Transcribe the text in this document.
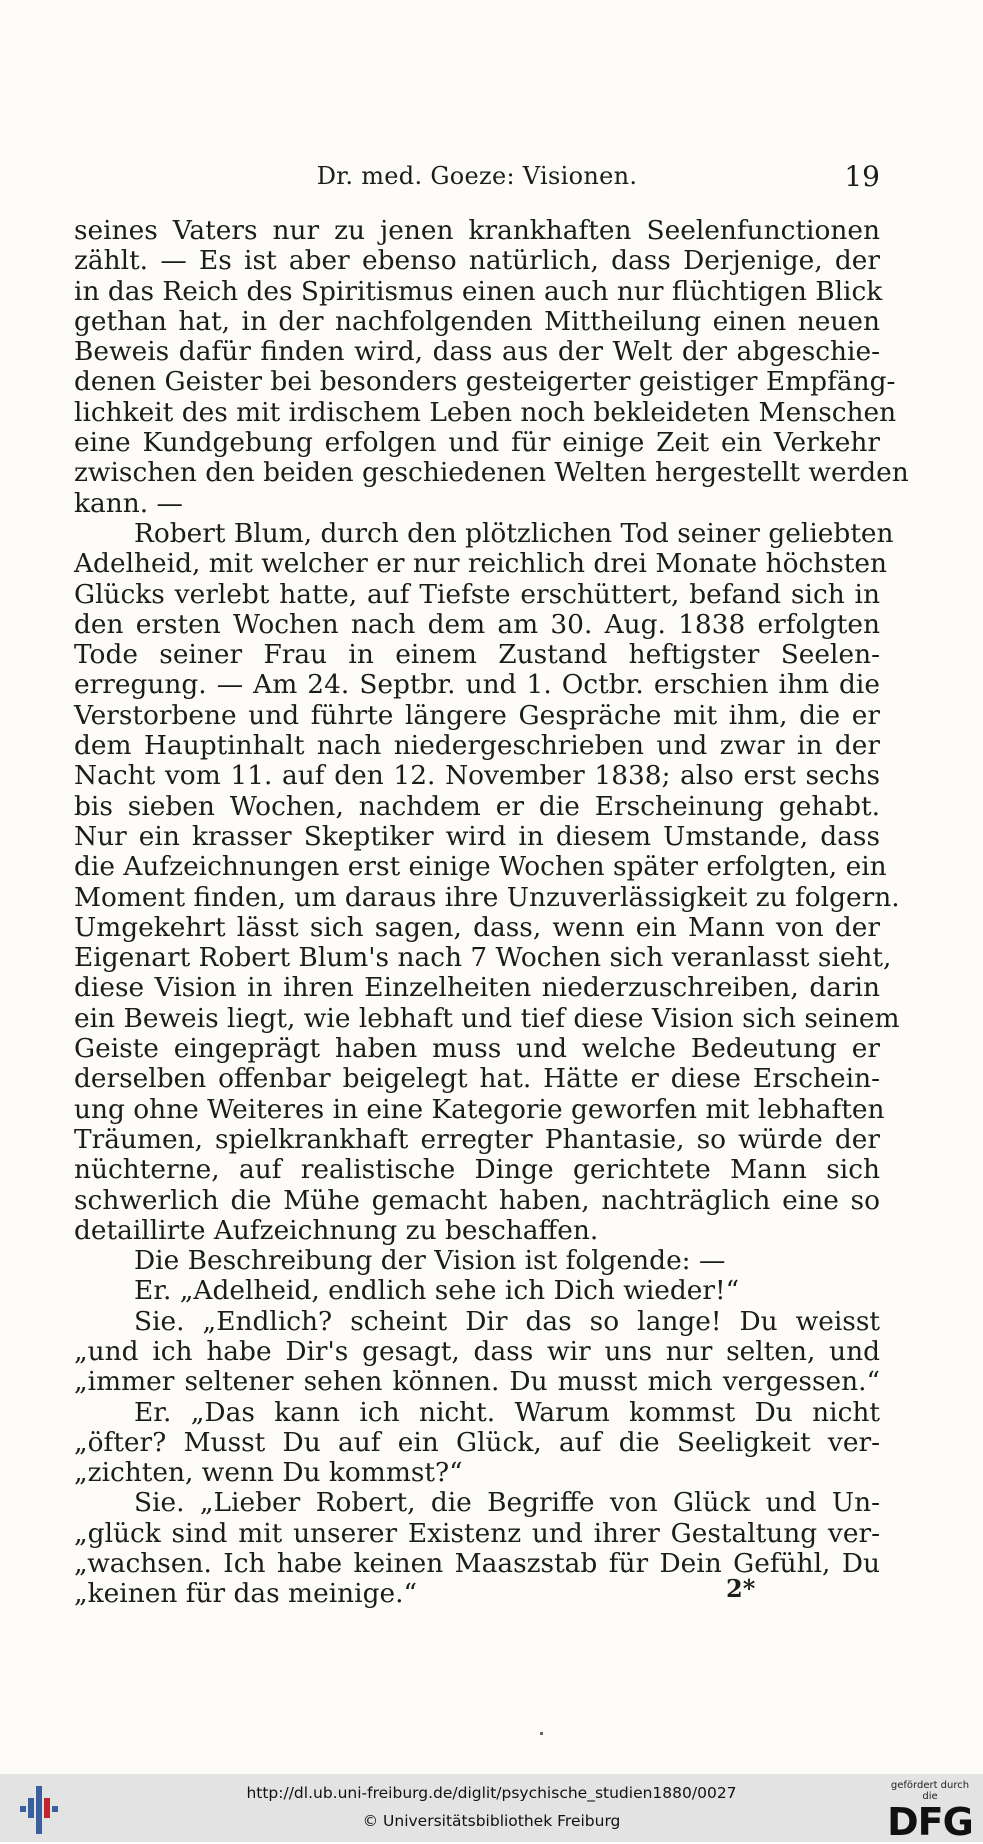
Dr. med. Goeze: Visionen.	19
seines Vaters nur zu jenen krankhaften Seelenfunctionen
zählt. — Es ist aber ebenso natürlich, dass Derjenige, der
in das Reich des Spiritismus einen auch nur flüchtigen Blick
gethan hat, in der nachfolgenden Mittheilung einen neuen
Beweis dafür finden wird, dass aus der Welt der abgeschie-
denen Geister bei besonders gesteigerter geistiger Empfäng-
lichkeit des mit irdischem Leben noch bekleideten Menschen
eine Kundgebung erfolgen und für einige Zeit ein Verkehr
zwischen den beiden geschiedenen Welten hergestellt werden
kann. —
Robert Blum, durch den plötzlichen Tod seiner geliebten
Adelheid, mit welcher er nur reichlich drei Monate höchsten
Glücks verlebt hatte, auf Tiefste erschüttert, befand sich in
den ersten Wochen nach dem am 30. Aug. 1838 erfolgten
Tode seiner Frau in einem Zustand heftigster Seelen-
erregung. — Am 24. Septbr. und 1. Octbr. erschien ihm die
Verstorbene und führte längere Gespräche mit ihm, die er
dem Hauptinhalt nach niedergeschrieben und zwar in der
Nacht vom 11. auf den 12. November 1838; also erst sechs
bis sieben Wochen, nachdem er die Erscheinung gehabt.
Nur ein krasser Skeptiker wird in diesem Umstande, dass
die Aufzeichnungen erst einige Wochen später erfolgten, ein
Moment finden, um daraus ihre Unzuverlässigkeit zu folgern.
Umgekehrt lässt sich sagen, dass, wenn ein Mann von der
Eigenart Robert Blum's nach 7 Wochen sich veranlasst sieht,
diese Vision in ihren Einzelheiten niederzuschreiben, darin
ein Beweis liegt, wie lebhaft und tief diese Vision sich seinem
Geiste eingeprägt haben muss und welche Bedeutung er
derselben offenbar beigelegt hat. Hätte er diese Erschein-
ung ohne Weiteres in eine Kategorie geworfen mit lebhaften
Träumen, spielkrankhaft erregter Phantasie, so würde der
nüchterne, auf realistische Dinge gerichtete Mann sich
schwerlich die Mühe gemacht haben, nachträglich eine so
detaillirte Aufzeichnung zu beschaffen.
Die Beschreibung der Vision ist folgende: —
Er. „Adelheid, endlich sehe ich Dich wieder!“
Sie. „Endlich? scheint Dir das so lange! Du weisst
„und ich habe Dir's gesagt, dass wir uns nur selten, und
„immer seltener sehen können. Du musst mich vergessen.“
Er. „Das kann ich nicht. Warum kommst Du nicht
„öfter? Musst Du auf ein Glück, auf die Seeligkeit ver-
„zichten, wenn Du kommst?“
Sie. „Lieber Robert, die Begriffe von Glück und Un-
„glück sind mit unserer Existenz und ihrer Gestaltung ver-
„wachsen. Ich habe keinen Maaszstab für Dein Gefühl, Du
„keinen für das meinige.“	2*
http://dl.ub.uni-freiburg.de/diglit/psychische_studien1880/0027
© Universitätsbibliothek Freiburg
gefördert durch die
DFG
